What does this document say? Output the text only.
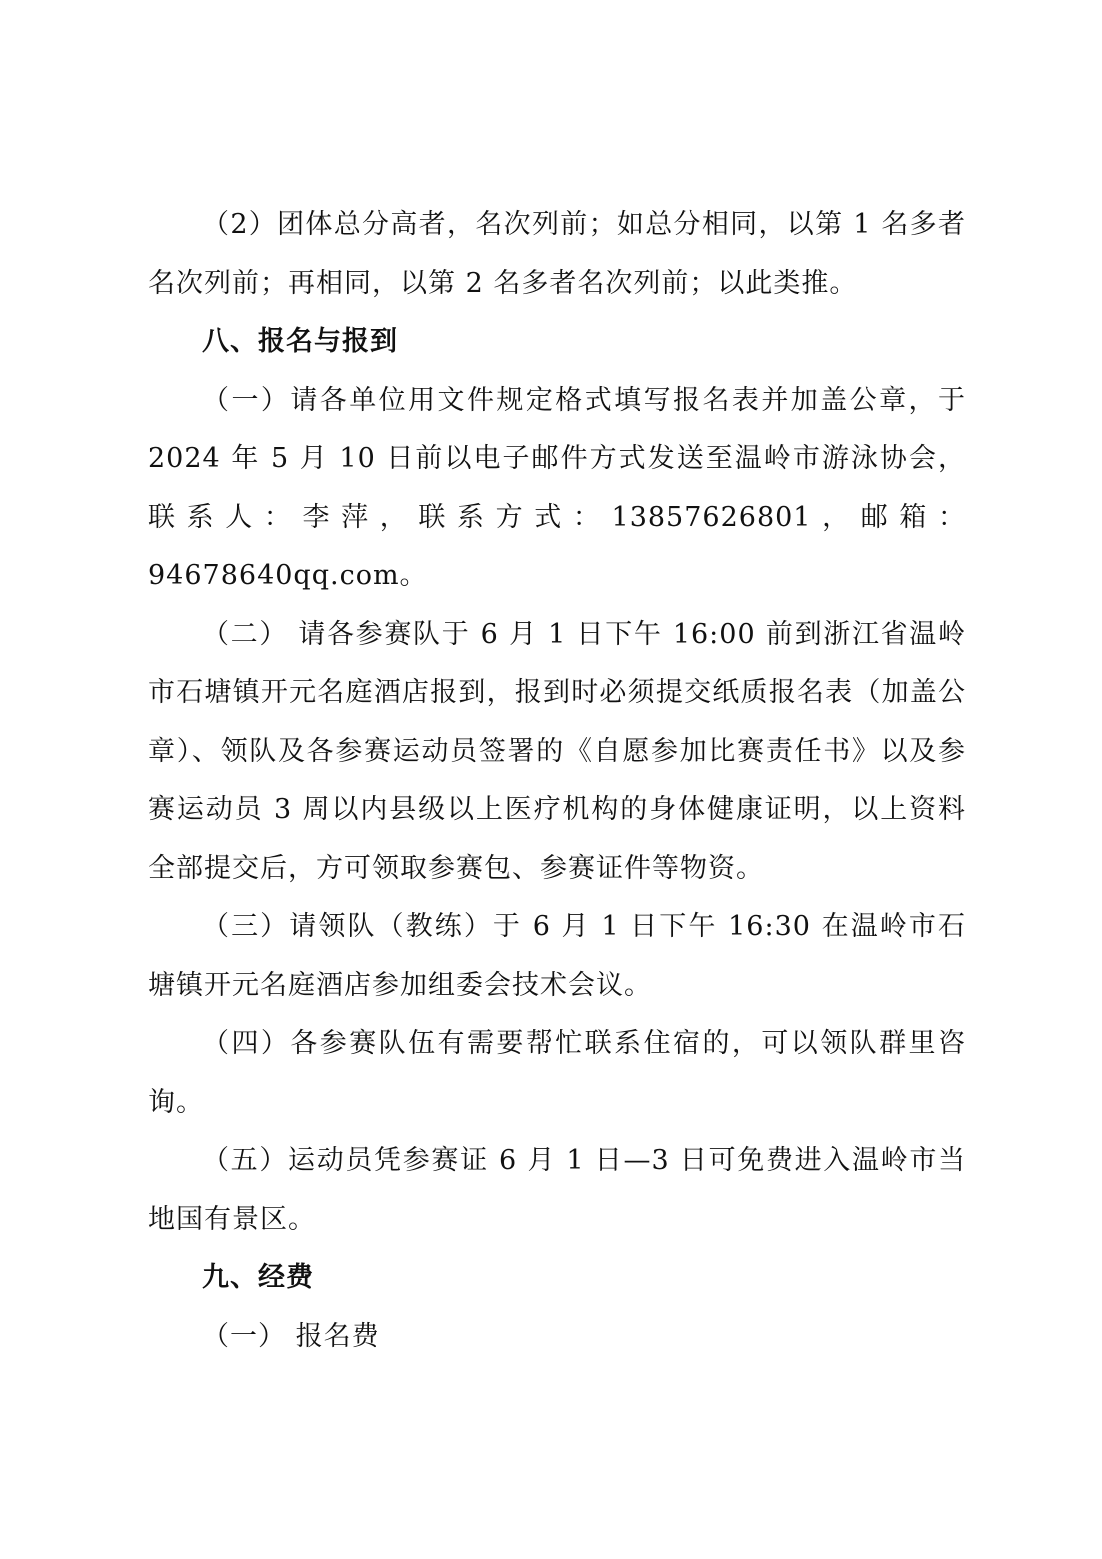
（2）团体总分高者，名次列前；如总分相同，以第 1 名多者名次列前；再相同，以第 2 名多者名次列前；以此类推。

八、报名与报到

（一）请各单位用文件规定格式填写报名表并加盖公章，于 2024 年 5 月 10 日前以电子邮件方式发送至温岭市游泳协会，联系人：李萍，联系方式：13857626801，邮箱：94678640qq.com。

（二） 请各参赛队于 6 月 1 日下午 16:00 前到浙江省温岭市石塘镇开元名庭酒店报到，报到时必须提交纸质报名表（加盖公章）、领队及各参赛运动员签署的《自愿参加比赛责任书》以及参赛运动员 3 周以内县级以上医疗机构的身体健康证明，以上资料全部提交后，方可领取参赛包、参赛证件等物资。

（三）请领队（教练）于 6 月 1 日下午 16:30 在温岭市石塘镇开元名庭酒店参加组委会技术会议。

（四）各参赛队伍有需要帮忙联系住宿的，可以领队群里咨询。

（五）运动员凭参赛证 6 月 1 日—3 日可免费进入温岭市当地国有景区。

九、经费

（一） 报名费
